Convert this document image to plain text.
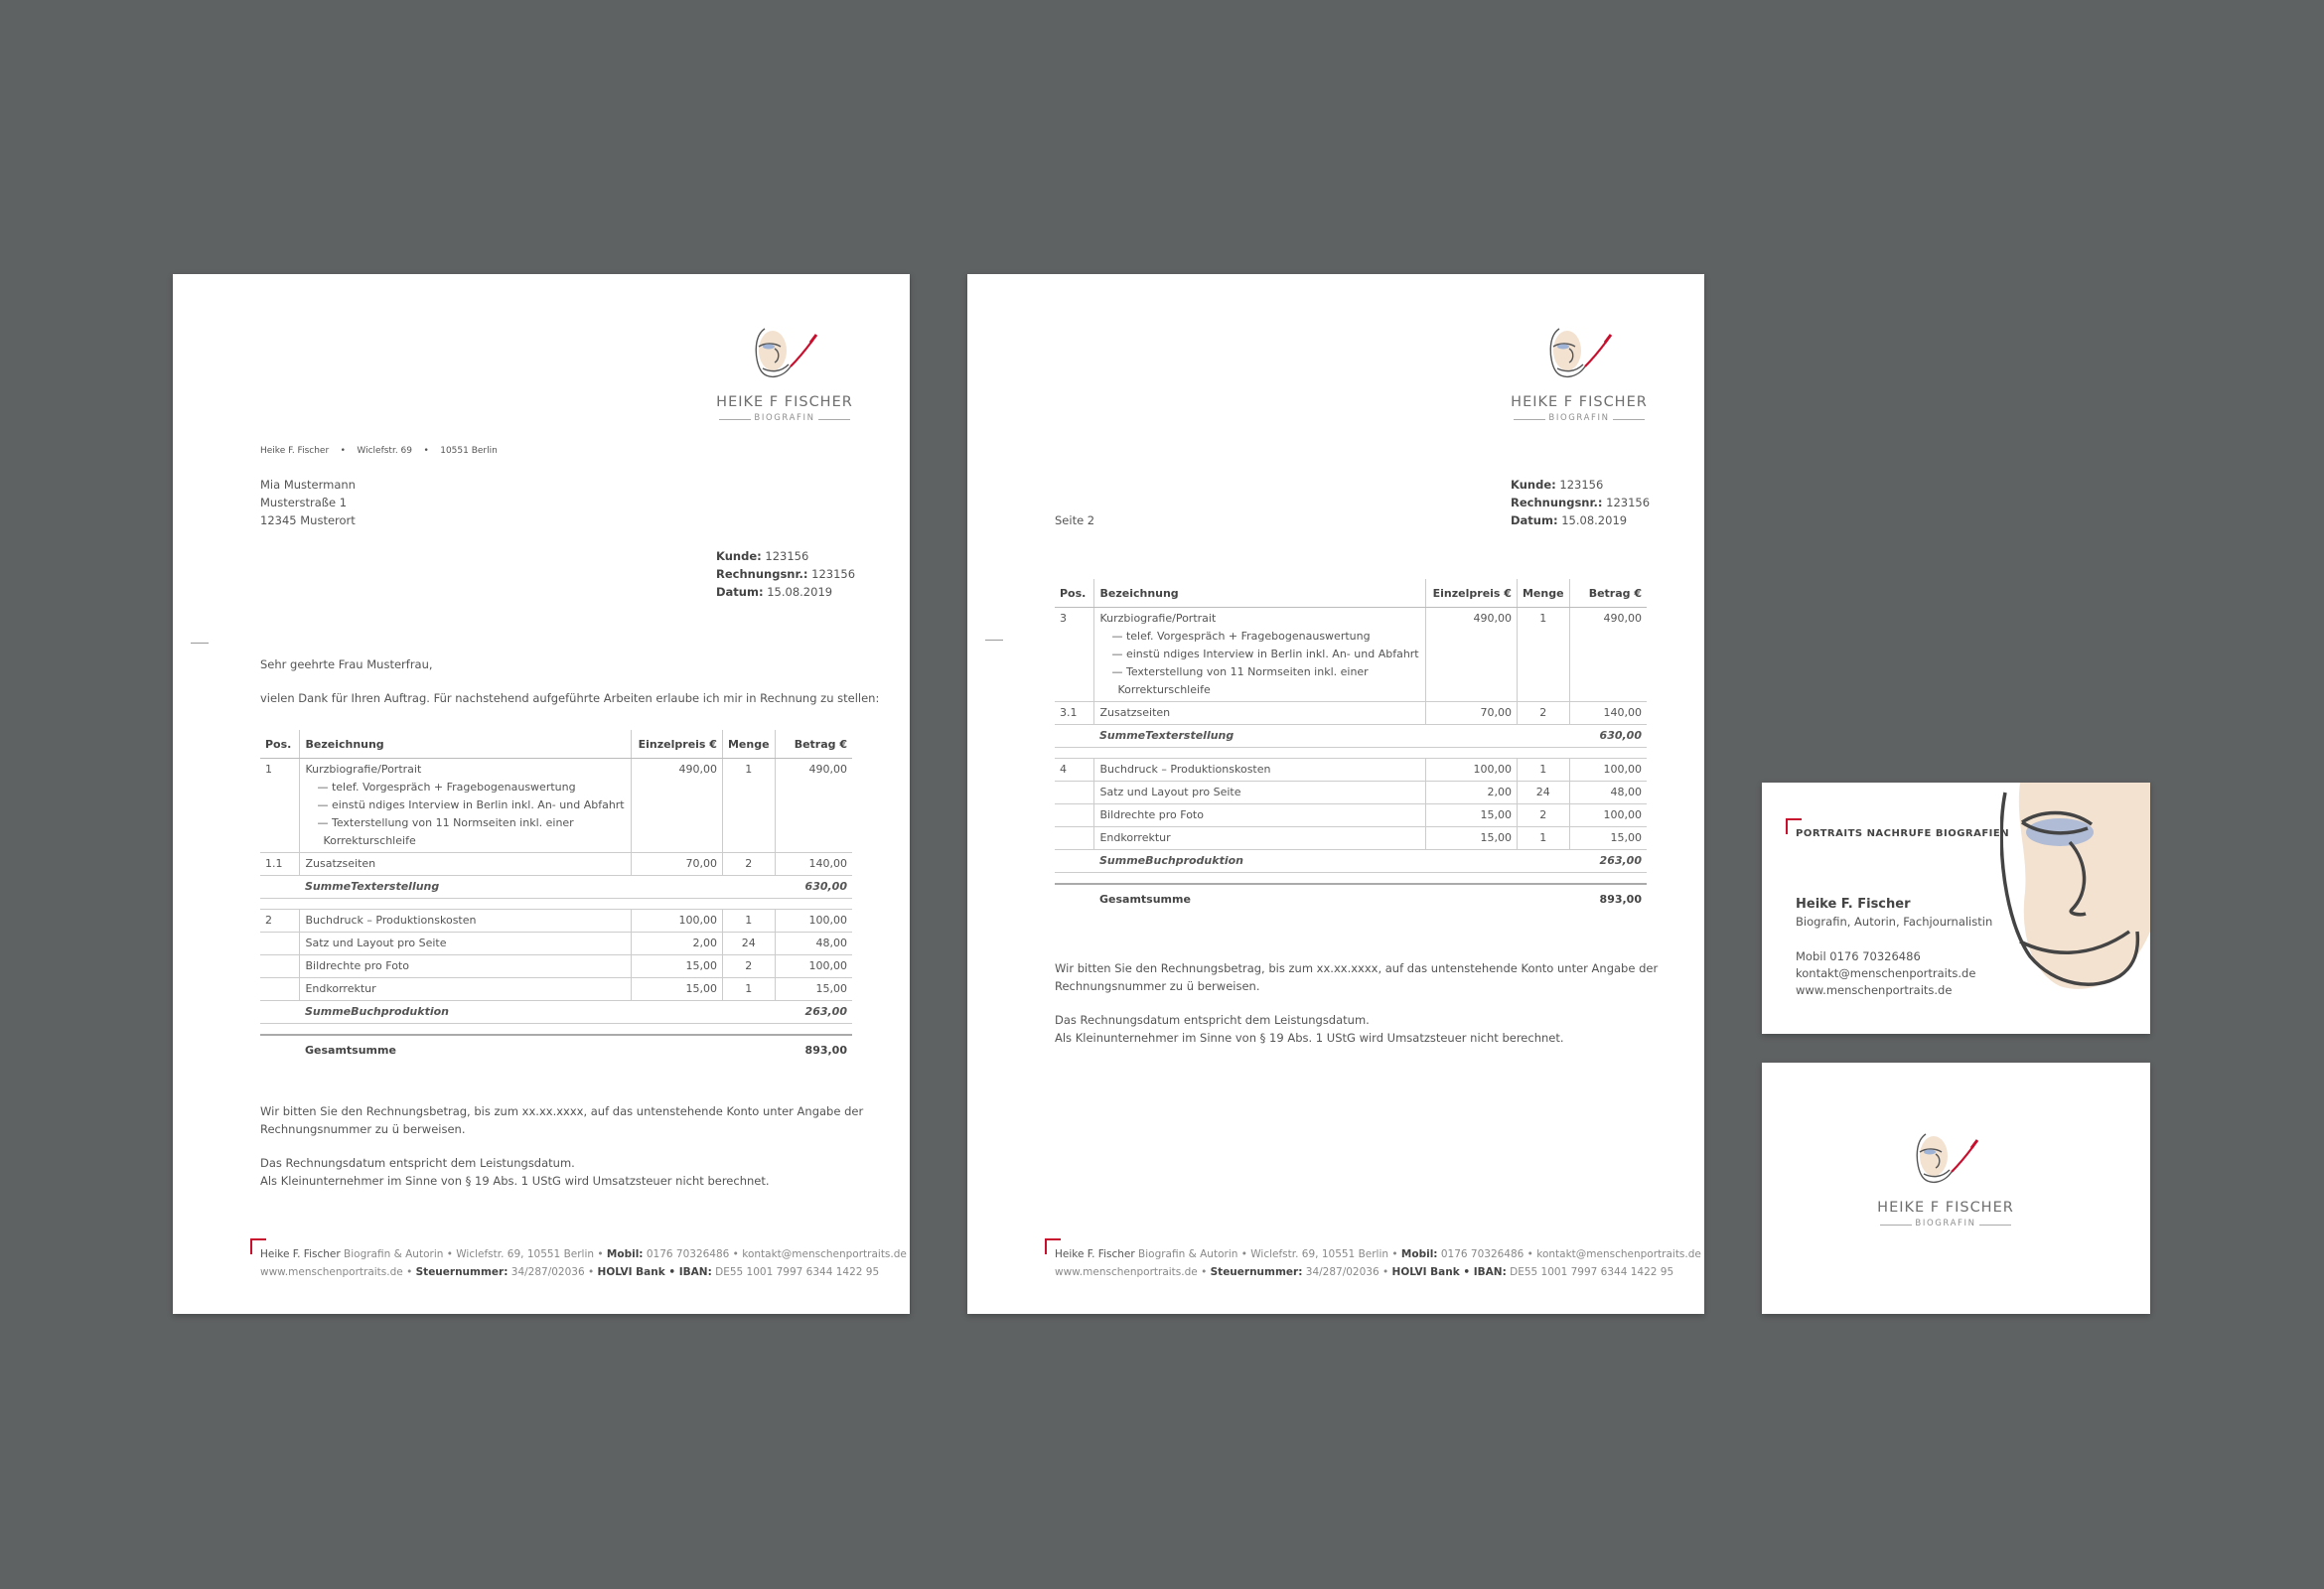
HEIKE F FISCHER
BIOGRAFIN
Heike F. Fischer • Wiclefstr. 69 • 10551 Berlin
Mia Mustermann
Musterstraße 1
12345 Musterort
Kunde: 123156
Rechnungsnr.: 123156
Datum: 15.08.2019
Sehr geehrte Frau Musterfrau,
vielen Dank für Ihren Auftrag. Für nachstehend aufgeführte Arbeiten erlaube ich mir in Rechnung zu stellen:
Pos.	Bezeichnung	Einzelpreis €	Menge	Betrag €
1	Kurzbiografie/Portrait
— telef. Vorgespräch + Fragebogenauswertung
— einstü ndiges Interview in Berlin inkl. An- und Abfahrt
— Texterstellung von 11 Normseiten inkl. einer
Korrekturschleife	490,00	1	490,00
1.1	Zusatzseiten	70,00	2	140,00
	SummeTexterstellung			630,00

2	Buchdruck – Produktionskosten	100,00	1	100,00
	Satz und Layout pro Seite	2,00	24	48,00
	Bildrechte pro Foto	15,00	2	100,00
	Endkorrektur	15,00	1	15,00
	SummeBuchproduktion			263,00

	Gesamtsumme			893,00
Wir bitten Sie den Rechnungsbetrag, bis zum xx.xx.xxxx, auf das untenstehende Konto unter Angabe der
Rechnungsnummer zu ü berweisen.
Das Rechnungsdatum entspricht dem Leistungsdatum.
Als Kleinunternehmer im Sinne von § 19 Abs. 1 UStG wird Umsatzsteuer nicht berechnet.
Heike F. Fischer Biografin & Autorin • Wiclefstr. 69, 10551 Berlin • Mobil: 0176 70326486 • kontakt@menschenportraits.de
www.menschenportraits.de • Steuernummer: 34/287/02036 • HOLVI Bank • IBAN: DE55 1001 7997 6344 1422 95
HEIKE F FISCHER
BIOGRAFIN
Kunde: 123156
Rechnungsnr.: 123156
Datum: 15.08.2019
Seite 2
Pos.	Bezeichnung	Einzelpreis €	Menge	Betrag €
3	Kurzbiografie/Portrait
— telef. Vorgespräch + Fragebogenauswertung
— einstü ndiges Interview in Berlin inkl. An- und Abfahrt
— Texterstellung von 11 Normseiten inkl. einer
Korrekturschleife	490,00	1	490,00
3.1	Zusatzseiten	70,00	2	140,00
	SummeTexterstellung			630,00

4	Buchdruck – Produktionskosten	100,00	1	100,00
	Satz und Layout pro Seite	2,00	24	48,00
	Bildrechte pro Foto	15,00	2	100,00
	Endkorrektur	15,00	1	15,00
	SummeBuchproduktion			263,00

	Gesamtsumme			893,00
Wir bitten Sie den Rechnungsbetrag, bis zum xx.xx.xxxx, auf das untenstehende Konto unter Angabe der
Rechnungsnummer zu ü berweisen.
Das Rechnungsdatum entspricht dem Leistungsdatum.
Als Kleinunternehmer im Sinne von § 19 Abs. 1 UStG wird Umsatzsteuer nicht berechnet.
Heike F. Fischer Biografin & Autorin • Wiclefstr. 69, 10551 Berlin • Mobil: 0176 70326486 • kontakt@menschenportraits.de
www.menschenportraits.de • Steuernummer: 34/287/02036 • HOLVI Bank • IBAN: DE55 1001 7997 6344 1422 95
PORTRAITS NACHRUFE BIOGRAFIEN
Heike F. Fischer
Biografin, Autorin, Fachjournalistin
Mobil 0176 70326486
kontakt@menschenportraits.de
www.menschenportraits.de
HEIKE F FISCHER
BIOGRAFIN
